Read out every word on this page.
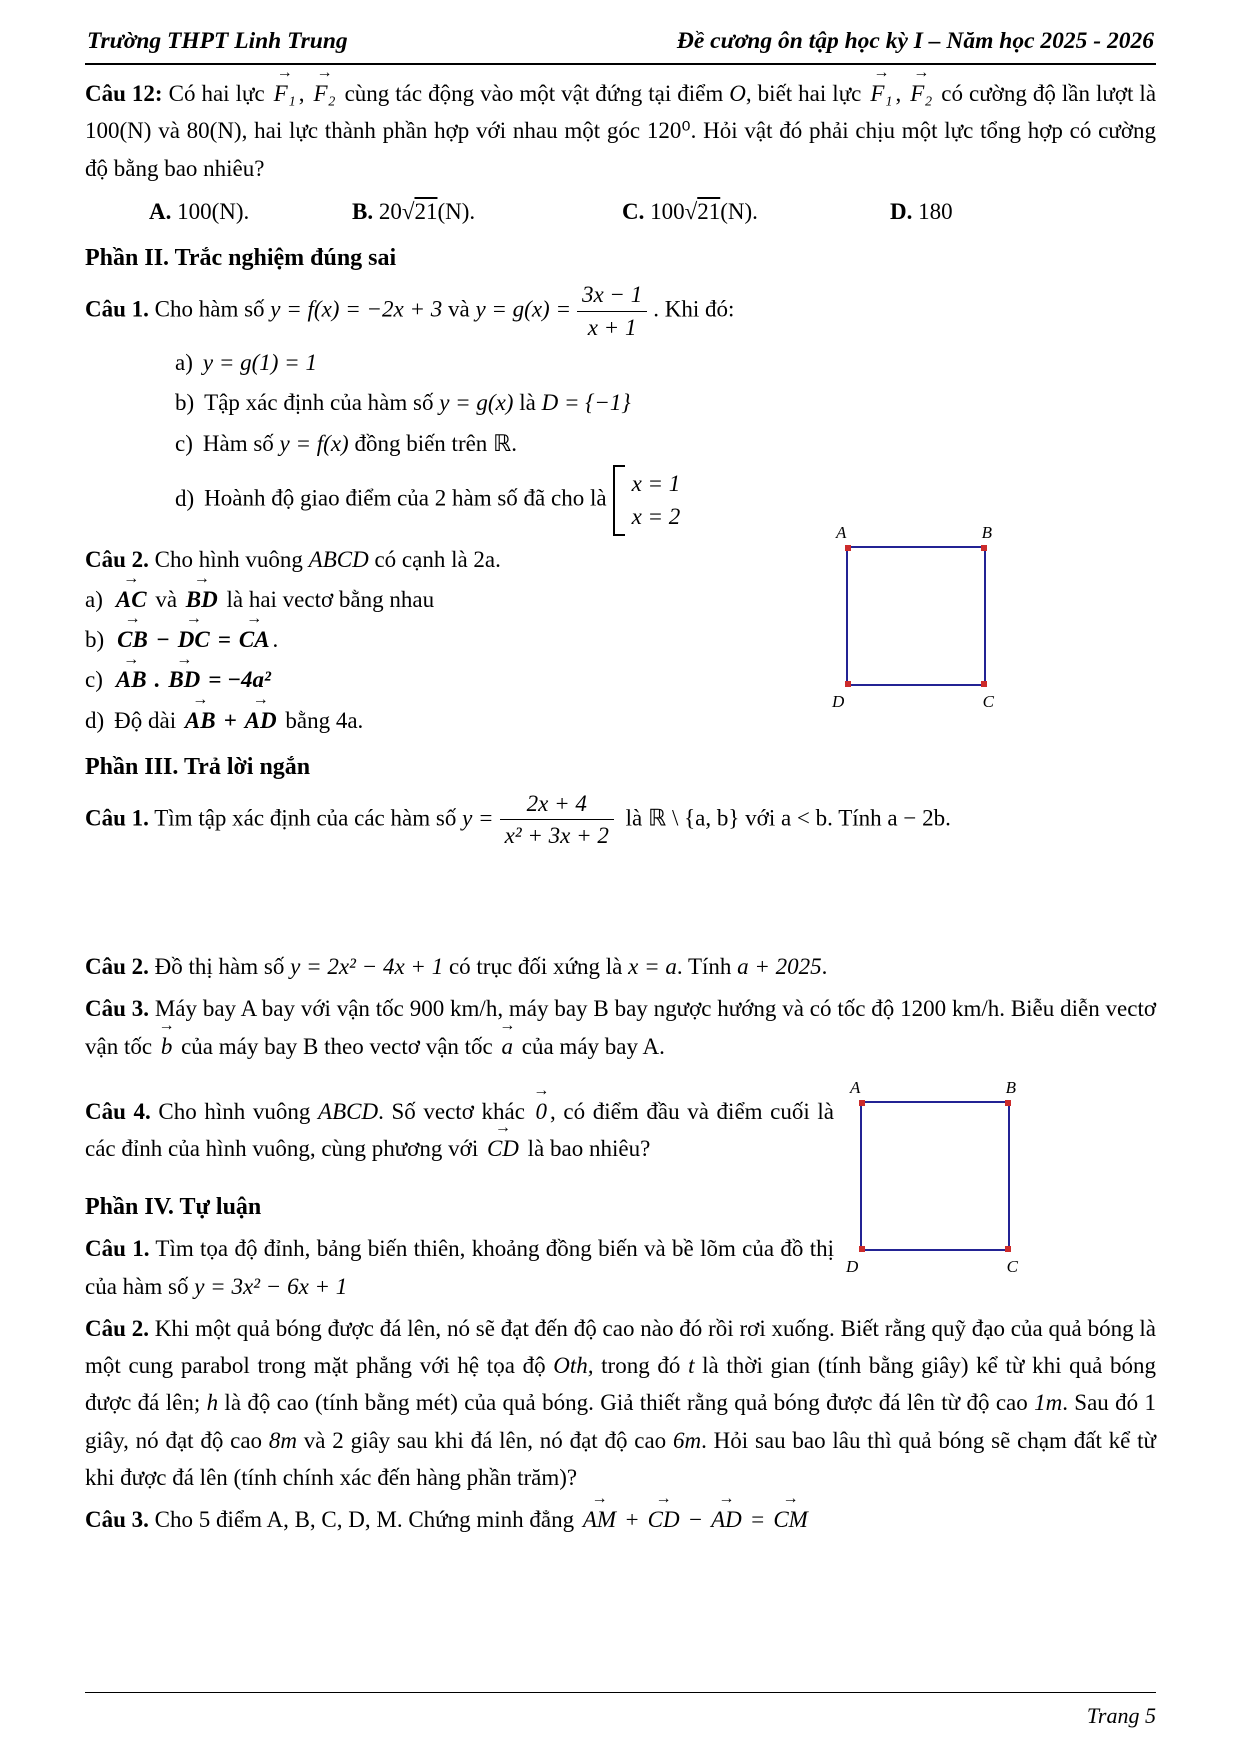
Trường THPT Linh Trung	Đề cương ôn tập học kỳ I – Năm học 2025 - 2026

Câu 12: Có hai lực F₁ → , F₂ → cùng tác động vào một vật đứng tại điểm O, biết hai lực F₁ → , F₂ → có cường độ lần lượt là 100(N) và 80(N), hai lực thành phần hợp với nhau một góc 120⁰. Hỏi vật đó phải chịu một lực tổng hợp có cường độ bằng bao nhiêu?

A. 100(N).	B. 20 √ 21(N).	C. 100 √ 21(N).	D. 180
Phần II. Trắc nghiệm đúng sai

Câu 1. Cho hàm số y = f(x) = −2x + 3 và $y = g(x) = \frac{3x - 1}{x + 1}$ . Khi đó:

a) y = g(1) = 1

b) Tập xác định của hàm số y = g(x) là D = {−1}

c) Hàm số y = f(x) đồng biến trên ℝ.

d) Hoành độ giao điểm của 2 hàm số đã cho là
x = 1
x = 2

A	B
D	C

Câu 2. Cho hình vuông ABCD có cạnh là 2a.

a) AC → và BD → là hai vectơ bằng nhau

b) CB → − DC → = CA → .

c) AB → . BD → = −4a²

d) Độ dài AB → + AD → bằng 4a.

Phần III. Trả lời ngắn

Câu 1. Tìm tập xác định của các hàm số $y = \frac{2x + 4}{\text{x² + 3x + 2}}$ là ℝ \ {a, b} với a < b. Tính a − 2b.

Câu 2. Đồ thị hàm số y = 2x² − 4x + 1 có trục đối xứng là x = a. Tính a + 2025.

Câu 3. Máy bay A bay với vận tốc 900 km/h, máy bay B bay ngược hướng và có tốc độ 1200 km/h. Biễu diễn vectơ vận tốc b → của máy bay B theo vectơ vận tốc a → của máy bay A.

A	B
D	C

Câu 4. Cho hình vuông ABCD. Số vectơ khác 0 → , có điểm đầu và điểm cuối là các đỉnh của hình vuông, cùng phương với CD → là bao nhiêu?

Phần IV. Tự luận

Câu 1. Tìm tọa độ đỉnh, bảng biến thiên, khoảng đồng biến và bề lõm của đồ thị của hàm số y = 3x² − 6x + 1

Câu 2. Khi một quả bóng được đá lên, nó sẽ đạt đến độ cao nào đó rồi rơi xuống. Biết rằng quỹ đạo của quả bóng là một cung parabol trong mặt phẳng với hệ tọa độ Oth, trong đó t là thời gian (tính bằng giây) kể từ khi quả bóng được đá lên; h là độ cao (tính bằng mét) của quả bóng. Giả thiết rằng quả bóng được đá lên từ độ cao 1m. Sau đó 1 giây, nó đạt độ cao 8m và 2 giây sau khi đá lên, nó đạt độ cao 6m. Hỏi sau bao lâu thì quả bóng sẽ chạm đất kể từ khi được đá lên (tính chính xác đến hàng phần trăm)?

Câu 3. Cho 5 điểm A, B, C, D, M. Chứng minh đẳng AM → + CD → − AD → = CM →

Trang 5
